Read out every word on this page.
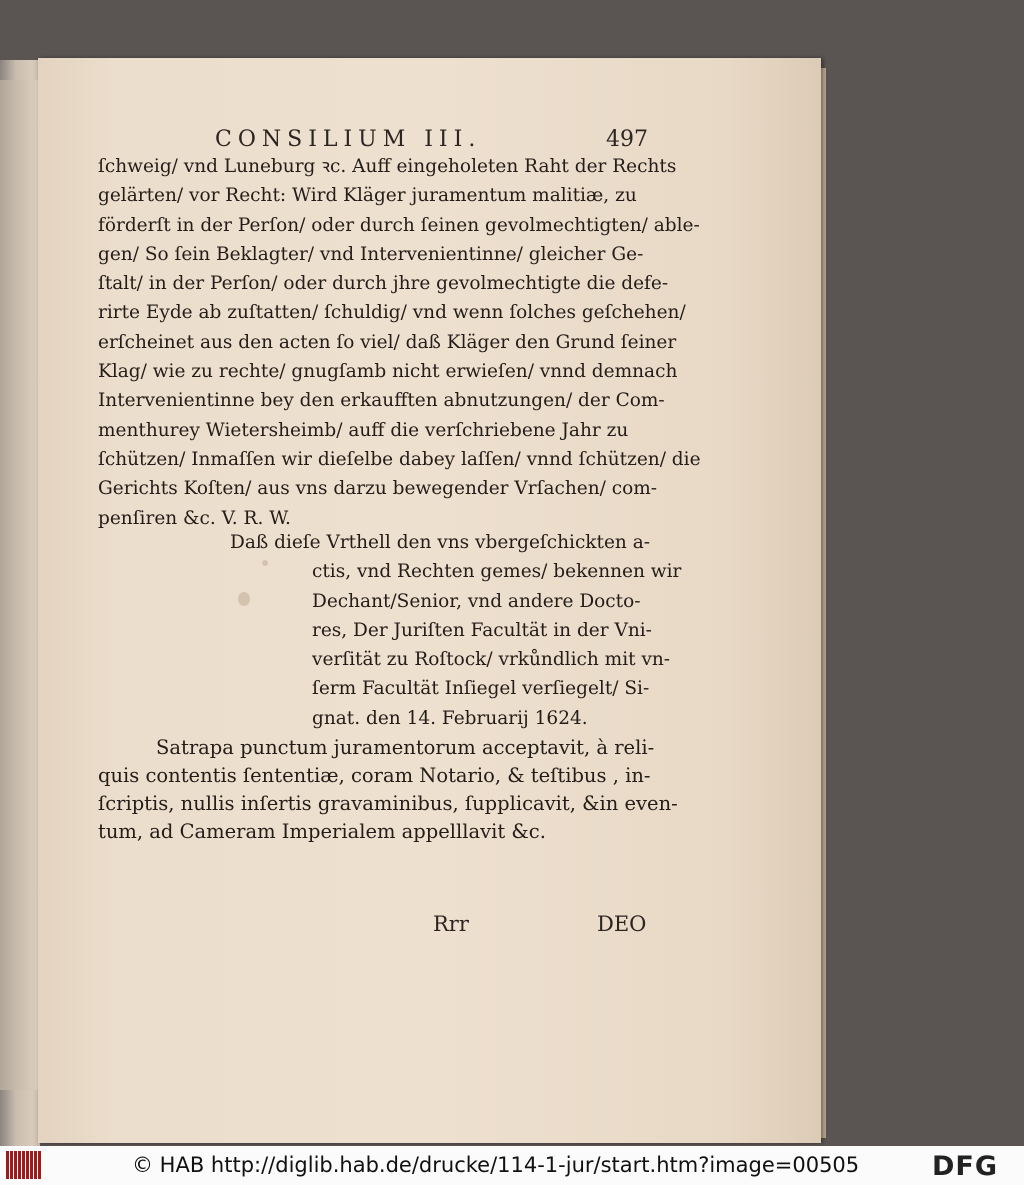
CONSILIUM III.	497
ſchweig/ vnd Luneburg ꝛc. Auff eingeholeten Raht der Rechts
gelärten/ vor Recht: Wird Kläger juramentum malitiæ, zu
förderſt in der Perſon/ oder durch ſeinen gevolmechtigten/ able‑
gen/ So ſein Beklagter/ vnd Intervenientinne/ gleicher Ge‑
ſtalt/ in der Perſon/ oder durch jhre gevolmechtigte die defe‑
rirte Eyde ab zuſtatten/ ſchuldig/ vnd wenn ſolches geſchehen/
erſcheinet aus den acten ſo viel/ daß Kläger den Grund ſeiner
Klag/ wie zu rechte/ gnugſamb nicht erwieſen/ vnnd demnach
Intervenientinne bey den erkaufften abnutzungen/ der Com‑
menthurey Wietersheimb/ auff die verſchriebene Jahr zu
ſchützen/ Inmaſſen wir dieſelbe dabey laſſen/ vnnd ſchützen/ die
Gerichts Koſten/ aus vns darzu bewegender Vrſachen/ com‑
penſiren &c. V. R. W.
Daß dieſe Vrthell den vns vbergeſchickten a‑
ctis, vnd Rechten gemes/ bekennen wir
Dechant/Senior, vnd andere Docto‑
res, Der Juriſten Facultät in der Vni‑
verſität zu Roſtock/ vrkůndlich mit vn‑
ſerm Facultät Inſiegel verſiegelt/ Si‑
gnat. den 14. Februarij 1624.
Satrapa punctum juramentorum acceptavit, à reli‑
quis contentis ſententiæ, coram Notario, & teſtibus , in‑
ſcriptis, nullis inſertis gravaminibus, ſupplicavit, &in even‑
tum, ad Cameram Imperialem appelllavit &c.
Rrr	DEO
© HAB http://diglib.hab.de/drucke/114-1-jur/start.htm?image=00505	DFG
